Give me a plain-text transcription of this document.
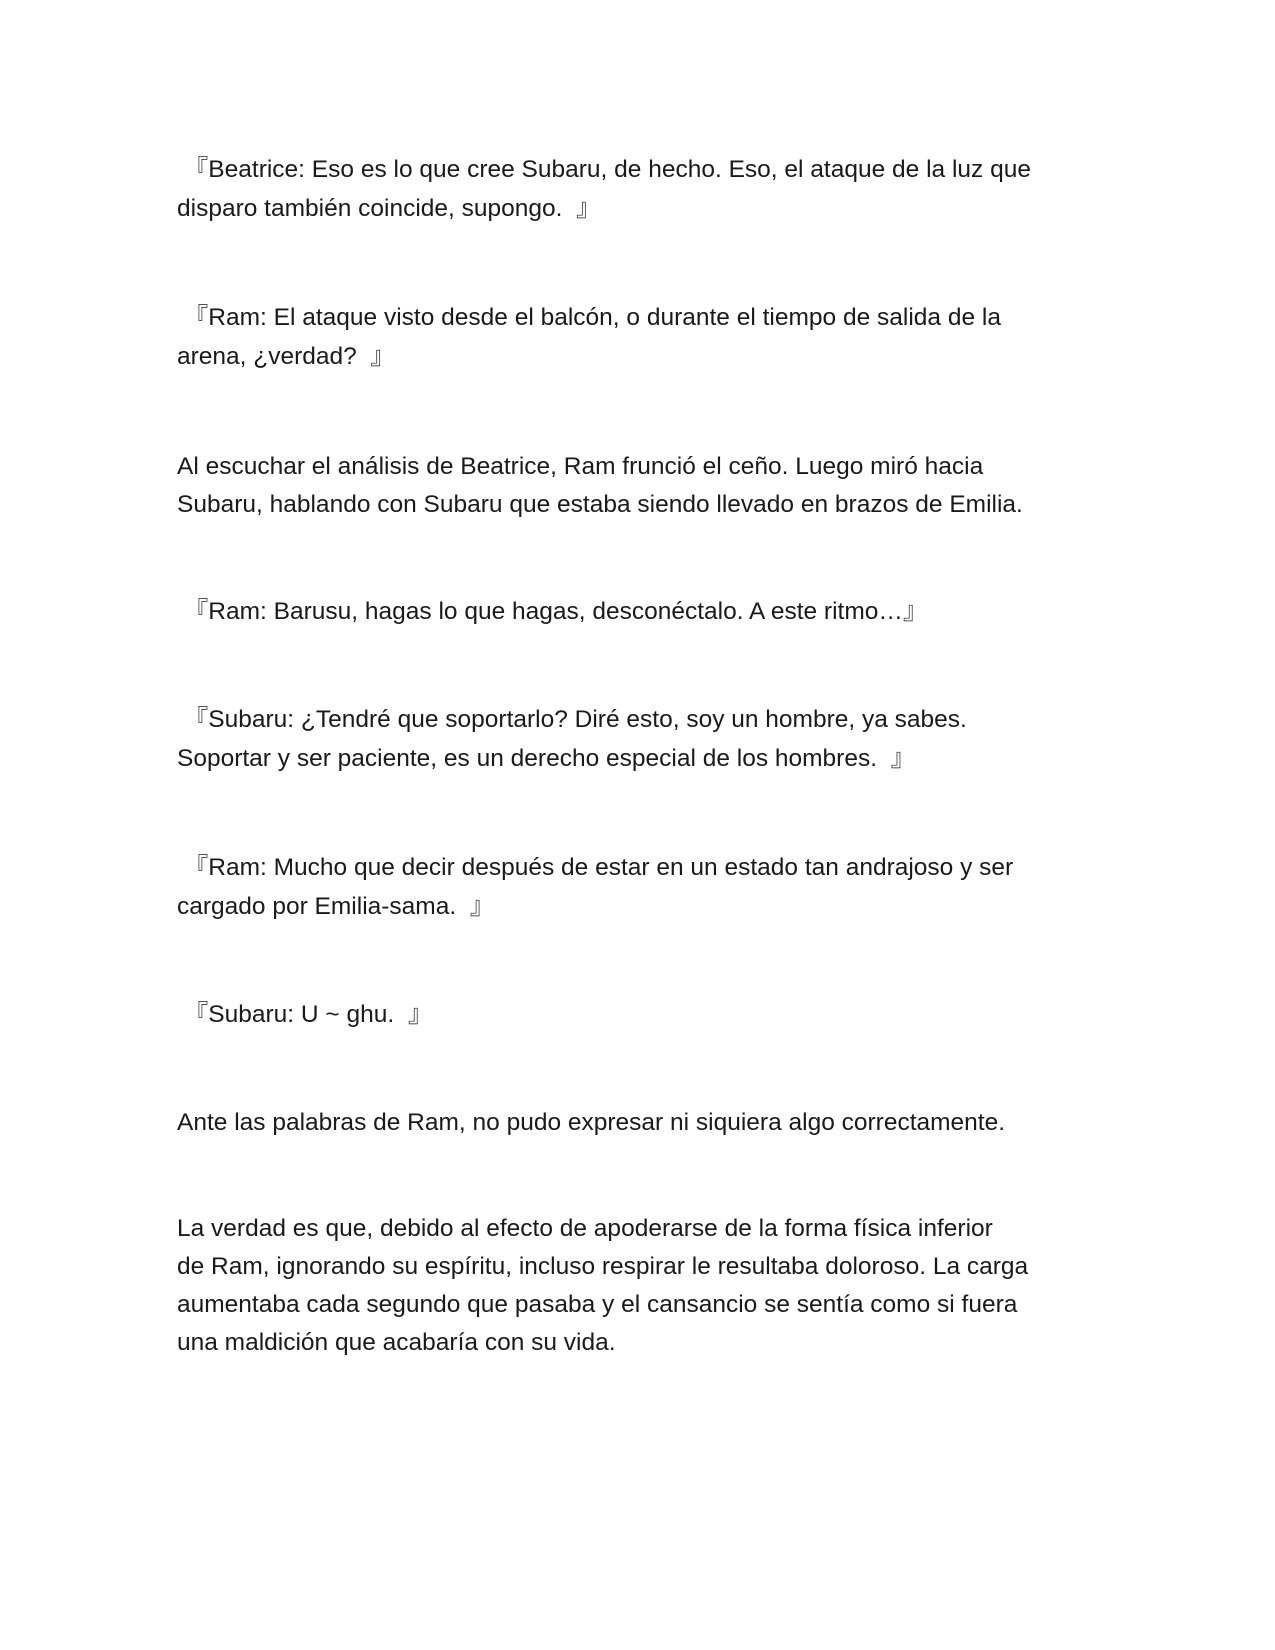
『Beatrice: Eso es lo que cree Subaru, de hecho. Eso, el ataque de la luz que
disparo también coincide, supongo.  』

『Ram: El ataque visto desde el balcón, o durante el tiempo de salida de la
arena, ¿verdad?  』

Al escuchar el análisis de Beatrice, Ram frunció el ceño. Luego miró hacia
Subaru, hablando con Subaru que estaba siendo llevado en brazos de Emilia.

『Ram: Barusu, hagas lo que hagas, desconéctalo. A este ritmo…』

『Subaru: ¿Tendré que soportarlo? Diré esto, soy un hombre, ya sabes.
Soportar y ser paciente, es un derecho especial de los hombres.  』

『Ram: Mucho que decir después de estar en un estado tan andrajoso y ser
cargado por Emilia-sama.  』

『Subaru: U ~ ghu.  』

Ante las palabras de Ram, no pudo expresar ni siquiera algo correctamente.

La verdad es que, debido al efecto de apoderarse de la forma física inferior
de Ram, ignorando su espíritu, incluso respirar le resultaba doloroso. La carga
aumentaba cada segundo que pasaba y el cansancio se sentía como si fuera
una maldición que acabaría con su vida.
